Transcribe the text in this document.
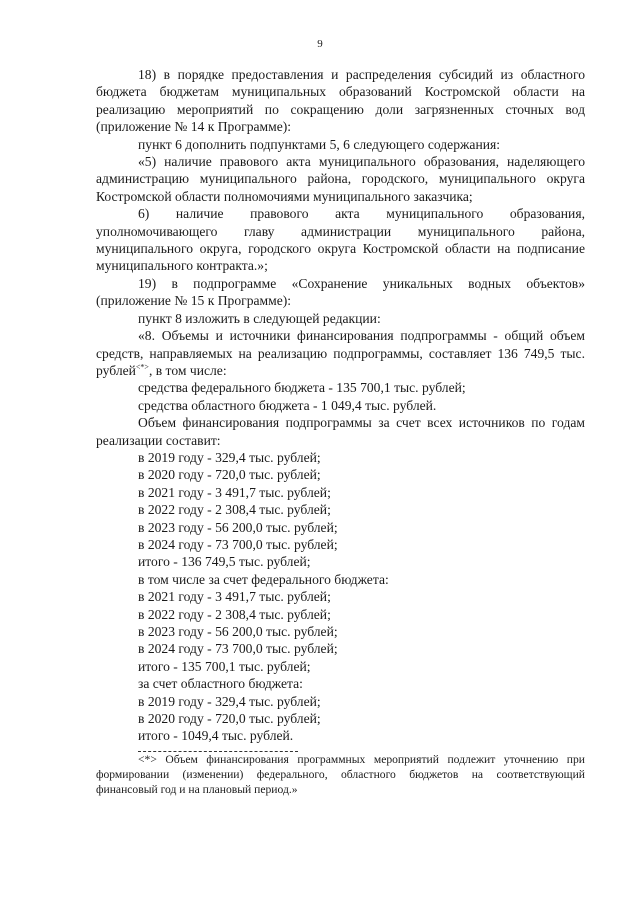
9

18) в порядке предоставления и распределения субсидий из областного бюджета бюджетам муниципальных образований Костромской области на реализацию мероприятий по сокращению доли загрязненных сточных вод (приложение № 14 к Программе):

пункт 6 дополнить подпунктами 5, 6 следующего содержания:

«5) наличие правового акта муниципального образования, наделяющего администрацию муниципального района, городского, муниципального округа Костромской области полномочиями муниципального заказчика;

6) наличие правового акта муниципального образования, уполномочивающего главу администрации муниципального района, муниципального округа, городского округа Костромской области на подписание муниципального контракта.»;

19) в подпрограмме «Сохранение уникальных водных объектов» (приложение № 15 к Программе):

пункт 8 изложить в следующей редакции:

«8. Объемы и источники финансирования подпрограммы - общий объем средств, направляемых на реализацию подпрограммы, составляет 136 749,5 тыс. рублей<*>, в том числе:

средства федерального бюджета - 135 700,1 тыс. рублей;

средства областного бюджета - 1 049,4 тыс. рублей.

Объем финансирования подпрограммы за счет всех источников по годам реализации составит:

в 2019 году - 329,4 тыс. рублей;

в 2020 году - 720,0 тыс. рублей;

в 2021 году - 3 491,7 тыс. рублей;

в 2022 году - 2 308,4 тыс. рублей;

в 2023 году - 56 200,0 тыс. рублей;

в 2024 году - 73 700,0 тыс. рублей;

итого - 136 749,5 тыс. рублей;

в том числе за счет федерального бюджета:

в 2021 году - 3 491,7 тыс. рублей;

в 2022 году - 2 308,4 тыс. рублей;

в 2023 году - 56 200,0 тыс. рублей;

в 2024 году - 73 700,0 тыс. рублей;

итого - 135 700,1 тыс. рублей;

за счет областного бюджета:

в 2019 году - 329,4 тыс. рублей;

в 2020 году - 720,0 тыс. рублей;

итого - 1049,4 тыс. рублей.

<*> Объем финансирования программных мероприятий подлежит уточнению при формировании (изменении) федерального, областного бюджетов на соответствующий финансовый год и на плановый период.»
